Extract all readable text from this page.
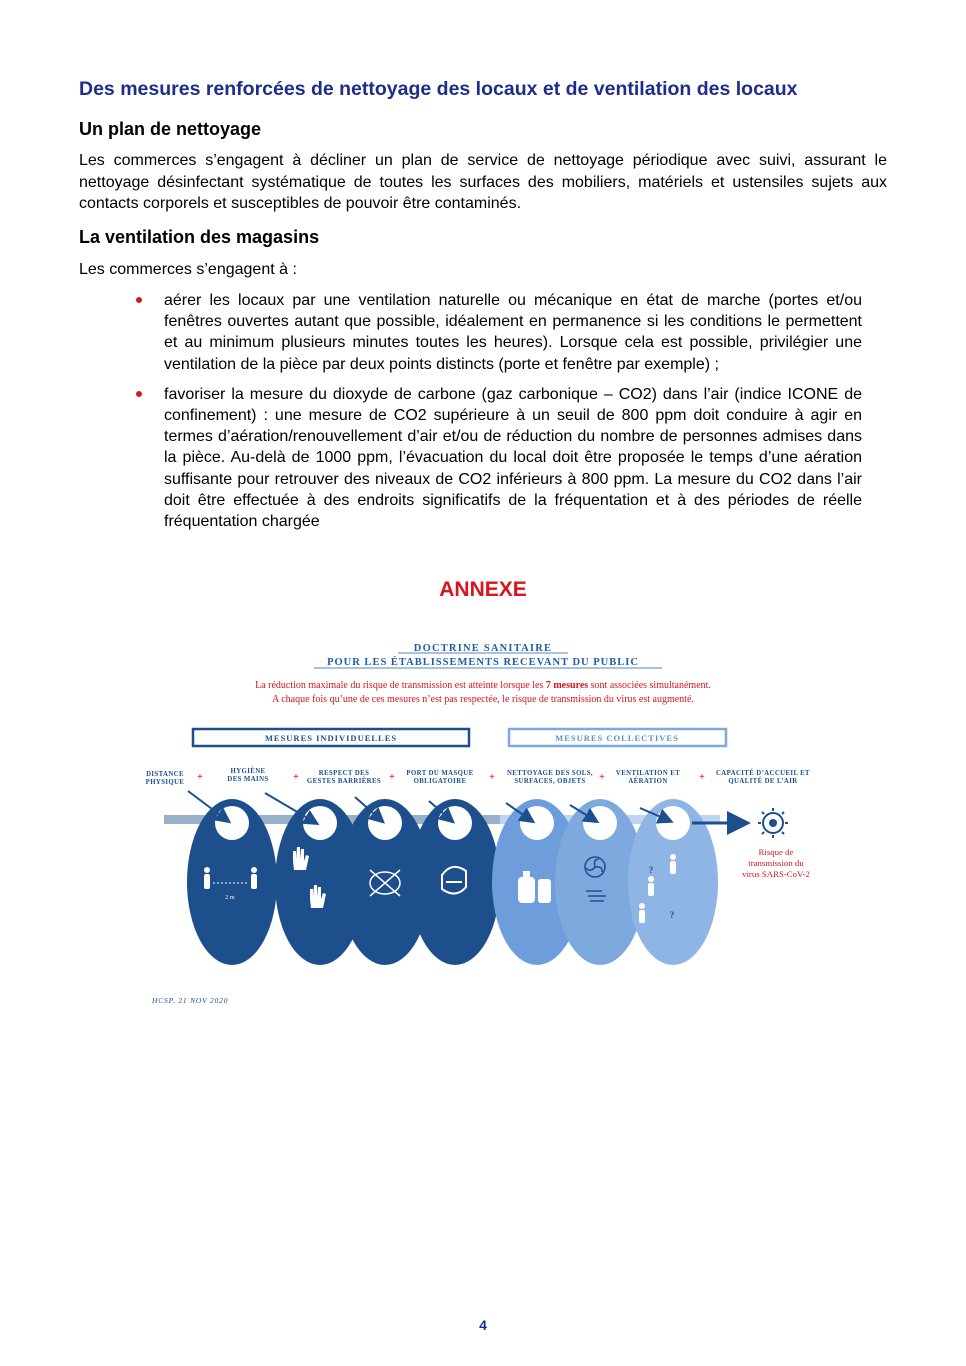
Des mesures renforcées de nettoyage des locaux et de ventilation des locaux
Un plan de nettoyage

Les commerces s’engagent à décliner un plan de service de nettoyage périodique avec suivi, assurant le nettoyage désinfectant systématique de toutes les surfaces des mobiliers, matériels et ustensiles sujets aux contacts corporels et susceptibles de pouvoir être contaminés.

La ventilation des magasins

Les commerces s’engagent à :

aérer les locaux par une ventilation naturelle ou mécanique en état de marche (portes et/ou fenêtres ouvertes autant que possible, idéalement en permanence si les conditions le permettent et au minimum plusieurs minutes toutes les heures). Lorsque cela est possible, privilégier une ventilation de la pièce par deux points distincts (porte et fenêtre par exemple) ;
favoriser la mesure du dioxyde de carbone (gaz carbonique – CO2) dans l’air (indice ICONE de confinement) : une mesure de CO2 supérieure à un seuil de 800 ppm doit conduire à agir en termes d’aération/renouvellement d’air et/ou de réduction du nombre de personnes admises dans la pièce. Au-delà de 1000 ppm, l’évacuation du local doit être proposée le temps d’une aération suffisante pour retrouver des niveaux de CO2 inférieurs à 800 ppm. La mesure du CO2 dans l’air doit être effectuée à des endroits significatifs de la fréquentation et à des périodes de réelle fréquentation chargée
ANNEXE
DOCTRINE SANITAIRE
POUR LES ÉTABLISSEMENTS RECEVANT DU PUBLIC
La réduction maximale du risque de transmission est atteinte lorsque les 7 mesures sont associées simultanément.
A chaque fois qu’une de ces mesures n’est pas respectée, le risque de transmission du virus est augmenté.
MESURES INDIVIDUELLES	MESURES COLLECTIVES
DISTANCE
PHYSIQUE
HYGIÈNE
DES MAINS
RESPECT DES
GESTES BARRIÈRES
PORT DU MASQUE
OBLIGATOIRE
NETTOYAGE DES SOLS,
SURFACES, OBJETS
VENTILATION ET
AÉRATION
CAPACITÉ D’ACCUEIL ET
QUALITÉ DE L’AIR
+	+	+	+	+	+
Risque de
transmission du
virus SARS-CoV-2
2 m
?
?
HCSP, 21 NOV 2020
4
